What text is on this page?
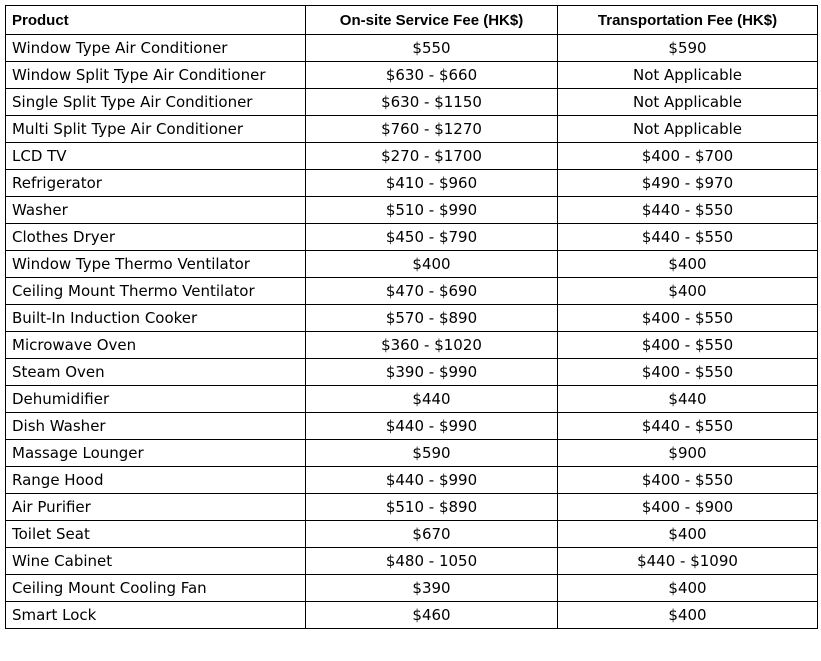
Product	On-site Service Fee (HK$)	Transportation Fee (HK$)
Window Type Air Conditioner	$550	$590
Window Split Type Air Conditioner	$630 - $660	Not Applicable
Single Split Type Air Conditioner	$630 - $1150	Not Applicable
Multi Split Type Air Conditioner	$760 - $1270	Not Applicable
LCD TV	$270 - $1700	$400 - $700
Refrigerator	$410 - $960	$490 - $970
Washer	$510 - $990	$440 - $550
Clothes Dryer	$450 - $790	$440 - $550
Window Type Thermo Ventilator	$400	$400
Ceiling Mount Thermo Ventilator	$470 - $690	$400
Built-In Induction Cooker	$570 - $890	$400 - $550
Microwave Oven	$360 - $1020	$400 - $550
Steam Oven	$390 - $990	$400 - $550
Dehumidifier	$440	$440
Dish Washer	$440 - $990	$440 - $550
Massage Lounger	$590	$900
Range Hood	$440 - $990	$400 - $550
Air Purifier	$510 - $890	$400 - $900
Toilet Seat	$670	$400
Wine Cabinet	$480 - 1050	$440 - $1090
Ceiling Mount Cooling Fan	$390	$400
Smart Lock	$460	$400
